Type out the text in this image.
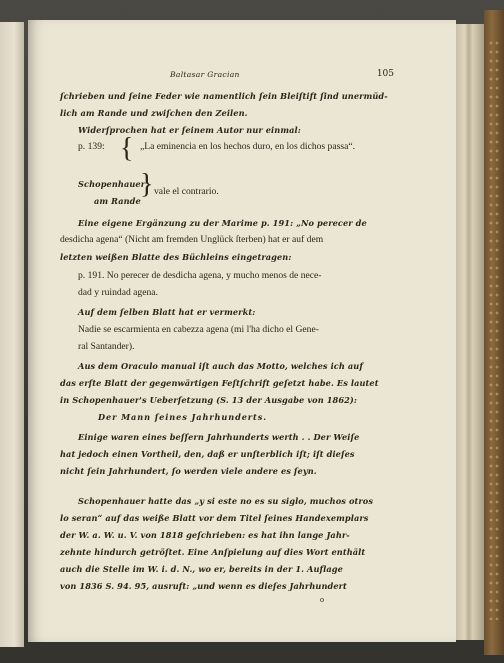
Baltasar Gracian	105
ſchrieben und ſeine Feder wie namentlich ſein Bleiſtift ſind unermüd-
lich am Rande und zwiſchen den Zeilen.
Widerſprochen hat er ſeinem Autor nur einmal:
p. 139: { „La eminencia en los hechos duro, en los dichos passa“.
Schopenhauer
am Rande
} vale el contrario.
Eine eigene Ergänzung zu der Marime p. 191: „No perecer de
desdicha agena“ (Nicht am fremden Unglück ſterben) hat er auf dem
letzten weißen Blatte des Büchleins eingetragen:
p. 191. No perecer de desdicha agena, y mucho menos de nece-
dad y ruindad agena.
Auf dem ſelben Blatt hat er vermerkt:
Nadie se escarmienta en cabezza agena (mi l'ha dicho el Gene-
ral Santander).
Aus dem Oraculo manual iſt auch das Motto, welches ich auf
das erſte Blatt der gegenwärtigen Feſtſchrift geſetzt habe. Es lautet
in Schopenhauer's Ueberſetzung (S. 13 der Ausgabe von 1862):
Der Mann ſeines Jahrhunderts.
Einige waren eines beſſern Jahrhunderts werth . . Der Weiſe
hat jedoch einen Vortheil, den, daß er unſterblich iſt; iſt dieſes
nicht ſein Jahrhundert, ſo werden viele andere es ſeyn.
Schopenhauer hatte das „y si este no es su siglo, muchos otros
lo seran“ auf das weiße Blatt vor dem Titel ſeines Handexemplars
der W. a. W. u. V. von 1818 geſchrieben: es hat ihn lange Jahr-
zehnte hindurch getröſtet. Eine Anſpielung auf dies Wort enthält
auch die Stelle im W. i. d. N., wo er, bereits in der 1. Auflage
von 1836 S. 94. 95, ausruft: „und wenn es dieſes Jahrhundert
o
